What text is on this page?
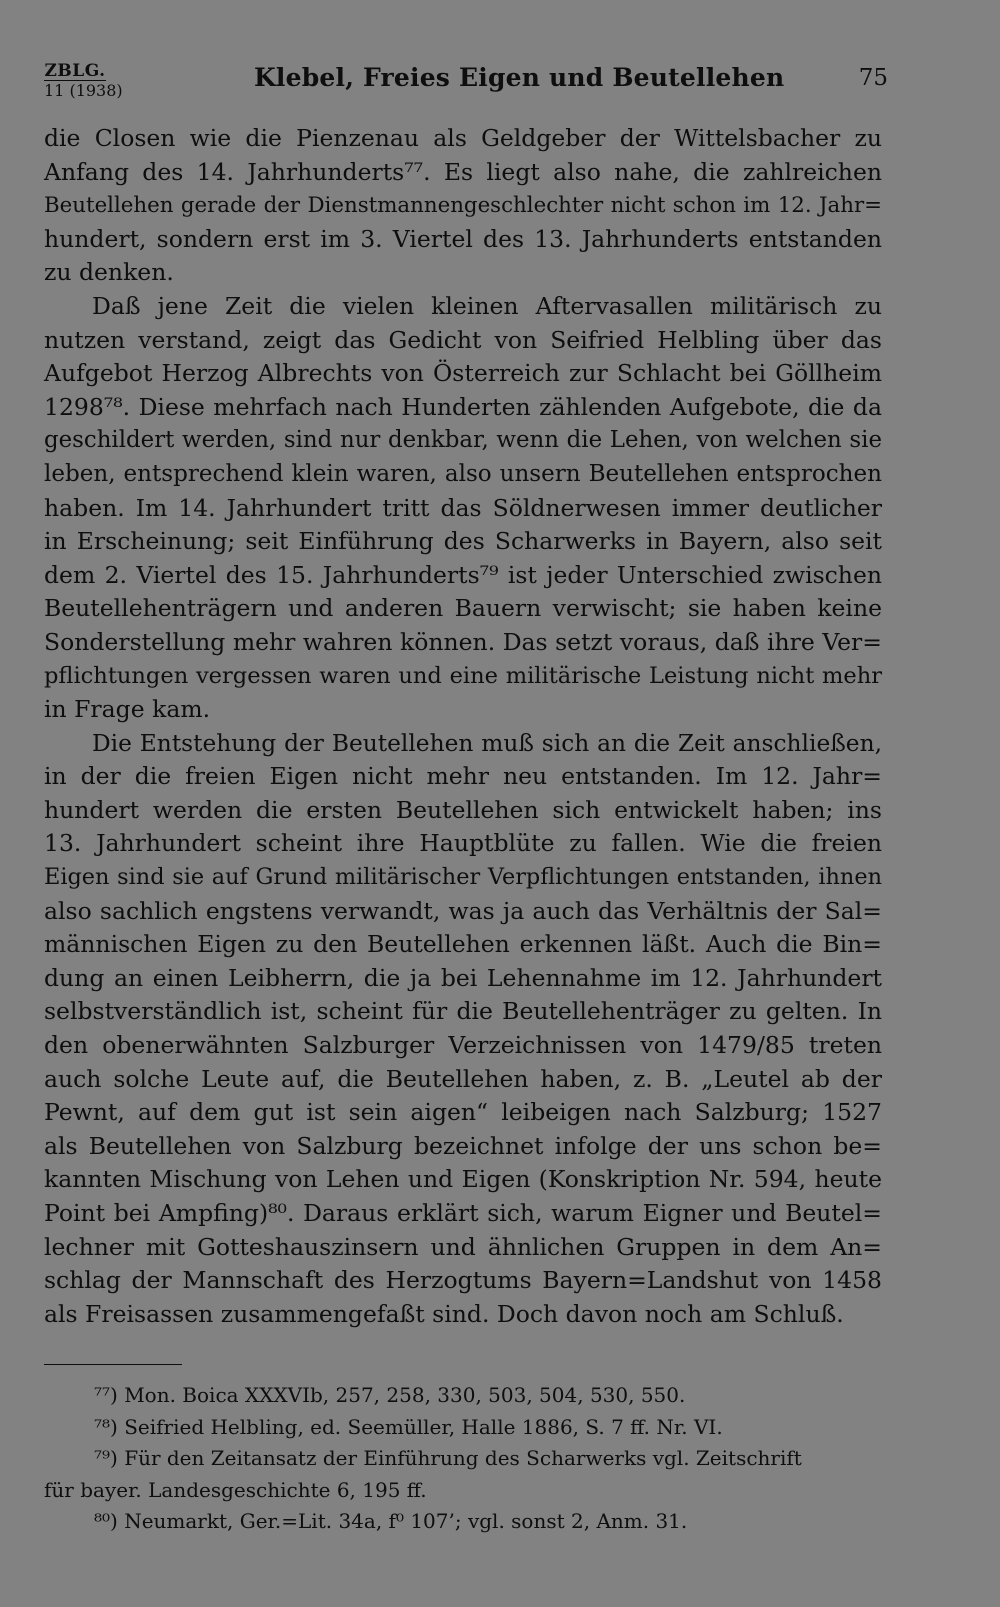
ZBLG.
11 (1938)	Klebel, Freies Eigen und Beutellehen	75
die Closen wie die Pienzenau als Geldgeber der Wittelsbacher zu
Anfang des 14. Jahrhunderts⁷⁷. Es liegt also nahe, die zahlreichen
Beutellehen gerade der Dienstmannengeschlechter nicht schon im 12. Jahr=
hundert, sondern erst im 3. Viertel des 13. Jahrhunderts entstanden
zu denken.
Daß jene Zeit die vielen kleinen Aftervasallen militärisch zu
nutzen verstand, zeigt das Gedicht von Seifried Helbling über das
Aufgebot Herzog Albrechts von Österreich zur Schlacht bei Göllheim
1298⁷⁸. Diese mehrfach nach Hunderten zählenden Aufgebote, die da
geschildert werden, sind nur denkbar, wenn die Lehen, von welchen sie
leben, entsprechend klein waren, also unsern Beutellehen entsprochen
haben. Im 14. Jahrhundert tritt das Söldnerwesen immer deutlicher
in Erscheinung; seit Einführung des Scharwerks in Bayern, also seit
dem 2. Viertel des 15. Jahrhunderts⁷⁹ ist jeder Unterschied zwischen
Beutellehenträgern und anderen Bauern verwischt; sie haben keine
Sonderstellung mehr wahren können. Das setzt voraus, daß ihre Ver=
pflichtungen vergessen waren und eine militärische Leistung nicht mehr
in Frage kam.
Die Entstehung der Beutellehen muß sich an die Zeit anschließen,
in der die freien Eigen nicht mehr neu entstanden. Im 12. Jahr=
hundert werden die ersten Beutellehen sich entwickelt haben; ins
13. Jahrhundert scheint ihre Hauptblüte zu fallen. Wie die freien
Eigen sind sie auf Grund militärischer Verpflichtungen entstanden, ihnen
also sachlich engstens verwandt, was ja auch das Verhältnis der Sal=
männischen Eigen zu den Beutellehen erkennen läßt. Auch die Bin=
dung an einen Leibherrn, die ja bei Lehennahme im 12. Jahrhundert
selbstverständlich ist, scheint für die Beutellehenträger zu gelten. In
den obenerwähnten Salzburger Verzeichnissen von 1479/85 treten
auch solche Leute auf, die Beutellehen haben, z. B. „Leutel ab der
Pewnt, auf dem gut ist sein aigen“ leibeigen nach Salzburg; 1527
als Beutellehen von Salzburg bezeichnet infolge der uns schon be=
kannten Mischung von Lehen und Eigen (Konskription Nr. 594, heute
Point bei Ampfing)⁸⁰. Daraus erklärt sich, warum Eigner und Beutel=
lechner mit Gotteshauszinsern und ähnlichen Gruppen in dem An=
schlag der Mannschaft des Herzogtums Bayern=Landshut von 1458
als Freisassen zusammengefaßt sind. Doch davon noch am Schluß.
⁷⁷) Mon. Boica XXXVIb, 257, 258, 330, 503, 504, 530, 550.
⁷⁸) Seifried Helbling, ed. Seemüller, Halle 1886, S. 7 ff. Nr. VI.
⁷⁹) Für den Zeitansatz der Einführung des Scharwerks vgl. Zeitschrift
für bayer. Landesgeschichte 6, 195 ff.
⁸⁰) Neumarkt, Ger.=Lit. 34a, f⁰ 107’; vgl. sonst 2, Anm. 31.
